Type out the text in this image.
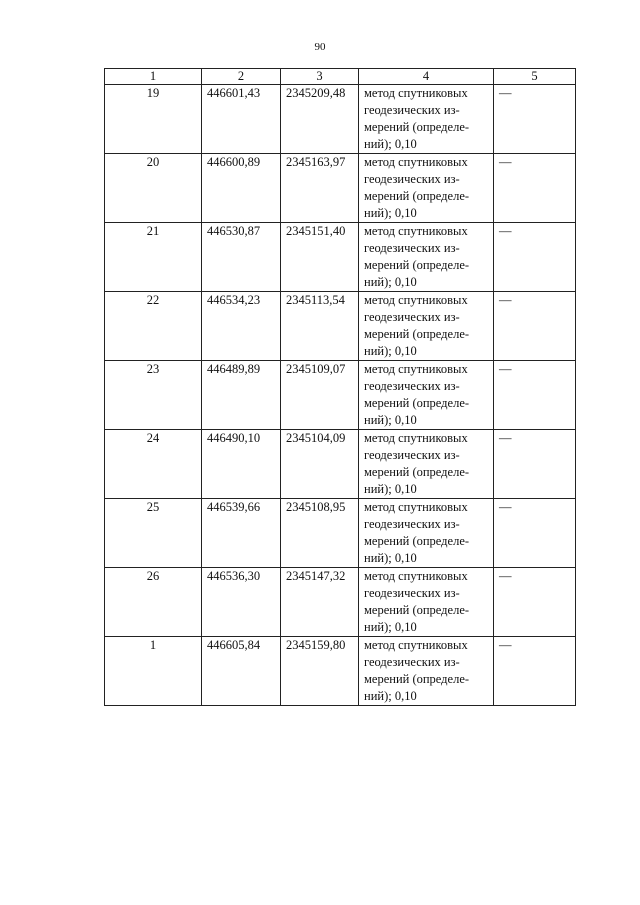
90
1	2	3	4	5
19	446601,43	2345209,48	метод спутниковых
геодезических из-
мерений (определе-
ний); 0,10	—

20	446600,89	2345163,97	метод спутниковых
геодезических из-
мерений (определе-
ний); 0,10	—

21	446530,87	2345151,40	метод спутниковых
геодезических из-
мерений (определе-
ний); 0,10	—

22	446534,23	2345113,54	метод спутниковых
геодезических из-
мерений (определе-
ний); 0,10	—

23	446489,89	2345109,07	метод спутниковых
геодезических из-
мерений (определе-
ний); 0,10	—

24	446490,10	2345104,09	метод спутниковых
геодезических из-
мерений (определе-
ний); 0,10	—

25	446539,66	2345108,95	метод спутниковых
геодезических из-
мерений (определе-
ний); 0,10	—

26	446536,30	2345147,32	метод спутниковых
геодезических из-
мерений (определе-
ний); 0,10	—

1	446605,84	2345159,80	метод спутниковых
геодезических из-
мерений (определе-
ний); 0,10	—
